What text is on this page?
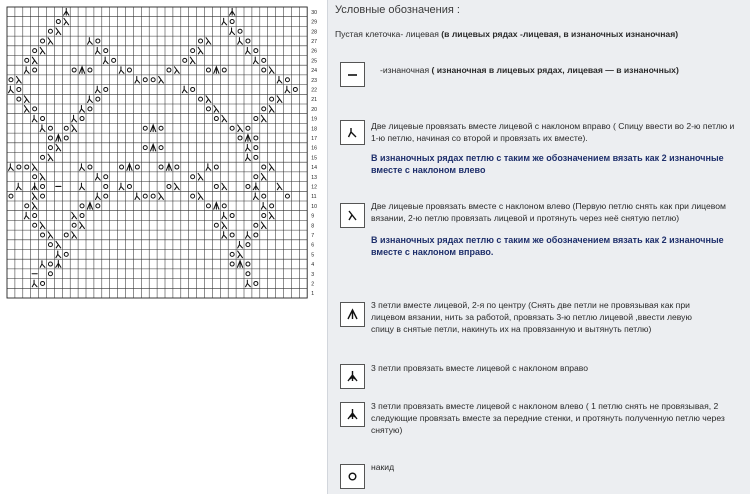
1
2
3
4
5
6
7
8
9
10
11
12
13
14
15
16
17
18
19
20
21
22
23
24
25
26
27
28
29
30 Условные обозначения :
Пустая клеточка- лицевая (в лицевых рядах -лицевая, в изнаночных изнаночная)
-изнаночная ( изнаночная в лицевых рядах, лицевая — в изнаночных)
Две лицевые провязать вместе лицевой с наклоном вправо ( Спицу ввести во 2-ю петлю и
1-ю петлю, начиная со второй и провязать их вместе).
В изнаночных рядах петлю с таким же обозначением вязать как 2 изнаночные
вместе с наклоном влево
Две лицевые провязать вместе с наклоном влево (Первую петлю снять как при лицевом
вязании, 2-ю петлю провязать лицевой и протянуть через неё снятую петлю)
В изнаночных рядах петлю с таким же обозначением вязать как 2 изнаночные
вместе с наклоном вправо.
3 петли вместе лицевой, 2-я по центру (Снять две петли не провязывая как при
лицевом вязании, нить за работой, провязать 3-ю петлю лицевой ,ввести левую
спицу в снятые петли, накинуть их на провязанную и вытянуть петлю)
3 петли провязать вместе лицевой с наклоном вправо
3 петли провязать вместе лицевой с наклоном влево ( 1 петлю снять не провязывая, 2
следующие провязать вместе за передние стенки, и протянуть полученную петлю через
снятую)
накид
